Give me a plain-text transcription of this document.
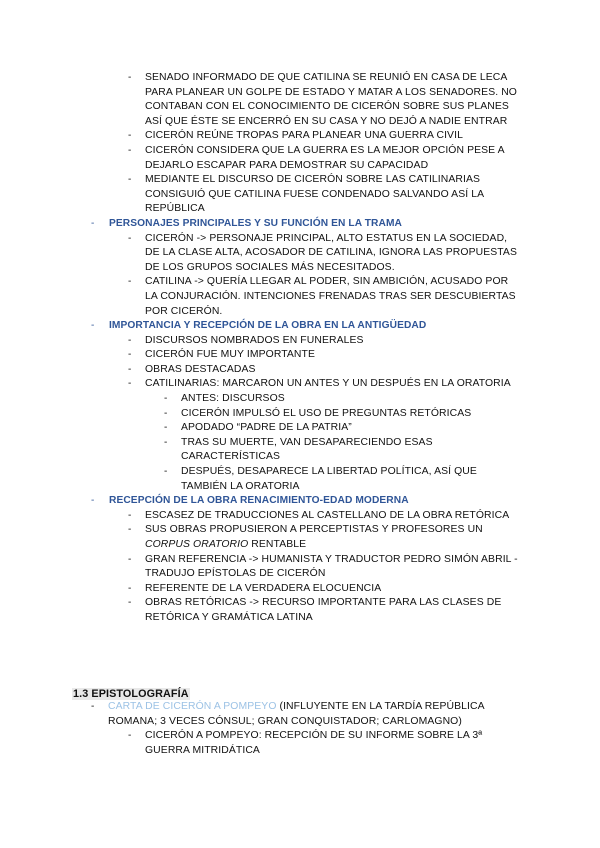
- SENADO INFORMADO DE QUE CATILINA SE REUNIÓ EN CASA DE LECA PARA PLANEAR UN GOLPE DE ESTADO Y MATAR A LOS SENADORES. NO CONTABAN CON EL CONOCIMIENTO DE CICERÓN SOBRE SUS PLANES ASÍ QUE ÉSTE SE ENCERRÓ EN SU CASA Y NO DEJÓ A NADIE ENTRAR
- CICERÓN REÚNE TROPAS PARA PLANEAR UNA GUERRA CIVIL
- CICERÓN CONSIDERA QUE LA GUERRA ES LA MEJOR OPCIÓN PESE A DEJARLO ESCAPAR PARA DEMOSTRAR SU CAPACIDAD
- MEDIANTE EL DISCURSO DE CICERÓN SOBRE LAS CATILINARIAS CONSIGUIÓ QUE CATILINA FUESE CONDENADO SALVANDO ASÍ LA REPÚBLICA
- PERSONAJES PRINCIPALES Y SU FUNCIÓN EN LA TRAMA
- CICERÓN -> PERSONAJE PRINCIPAL, ALTO ESTATUS EN LA SOCIEDAD, DE LA CLASE ALTA, ACOSADOR DE CATILINA, IGNORA LAS PROPUESTAS DE LOS GRUPOS SOCIALES MÁS NECESITADOS.
- CATILINA -> QUERÍA LLEGAR AL PODER, SIN AMBICIÓN, ACUSADO POR LA CONJURACIÓN. INTENCIONES FRENADAS TRAS SER DESCUBIERTAS POR CICERÓN.
- IMPORTANCIA Y RECEPCIÓN DE LA OBRA EN LA ANTIGÜEDAD
- DISCURSOS NOMBRADOS EN FUNERALES
- CICERÓN FUE MUY IMPORTANTE
- OBRAS DESTACADAS
- CATILINARIAS: MARCARON UN ANTES Y UN DESPUÉS EN LA ORATORIA
- ANTES: DISCURSOS
- CICERÓN IMPULSÓ EL USO DE PREGUNTAS RETÓRICAS
- APODADO “PADRE DE LA PATRIA”
- TRAS SU MUERTE, VAN DESAPARECIENDO ESAS CARACTERÍSTICAS
- DESPUÉS, DESAPARECE LA LIBERTAD POLÍTICA, ASÍ QUE TAMBIÉN LA ORATORIA
- RECEPCIÓN DE LA OBRA RENACIMIENTO-EDAD MODERNA
- ESCASEZ DE TRADUCCIONES AL CASTELLANO DE LA OBRA RETÓRICA
- SUS OBRAS PROPUSIERON A PERCEPTISTAS Y PROFESORES UN CORPUS ORATORIO RENTABLE
- GRAN REFERENCIA -> HUMANISTA Y TRADUCTOR PEDRO SIMÓN ABRIL - TRADUJO EPÍSTOLAS DE CICERÓN
- REFERENTE DE LA VERDADERA ELOCUENCIA
- OBRAS RETÓRICAS -> RECURSO IMPORTANTE PARA LAS CLASES DE RETÓRICA Y GRAMÁTICA LATINA
1.3 EPISTOLOGRAFÍA
- CARTA DE CICERÓN A POMPEYO (INFLUYENTE EN LA TARDÍA REPÚBLICA ROMANA; 3 VECES CÓNSUL; GRAN CONQUISTADOR; CARLOMAGNO)
- CICERÓN A POMPEYO: RECEPCIÓN DE SU INFORME SOBRE LA 3ª GUERRA MITRIDÁTICA
